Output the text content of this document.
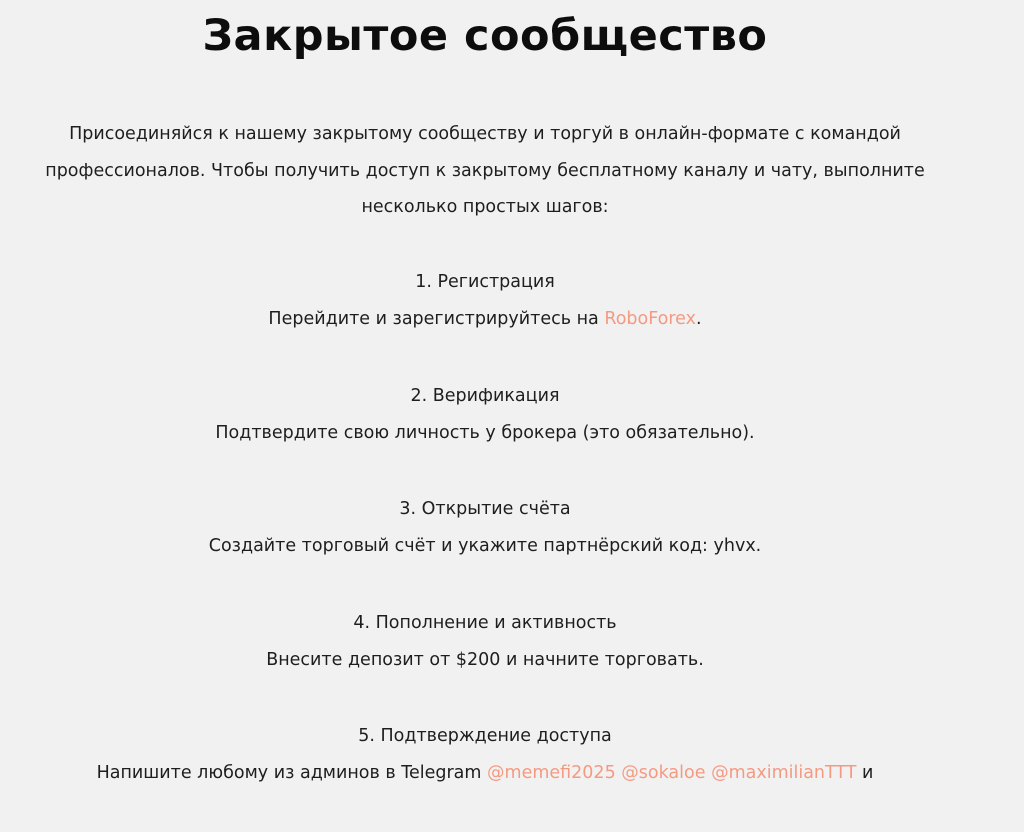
Закрытое сообщество

Присоединяйся к нашему закрытому сообществу и торгуй в онлайн-формате с командой
профессионалов. Чтобы получить доступ к закрытому бесплатному каналу и чату, выполните
несколько простых шагов:

1. Регистрация
Перейдите и зарегистрируйтесь на RoboForex.
2. Верификация
Подтвердите свою личность у брокера (это обязательно).
3. Открытие счёта
Создайте торговый счёт и укажите партнёрский код: yhvx.
4. Пополнение и активность
Внесите депозит от $200 и начните торговать.
5. Подтверждение доступа
Напишите любому из админов в Telegram @memefi2025 @sokaloe @maximilianTTT и
